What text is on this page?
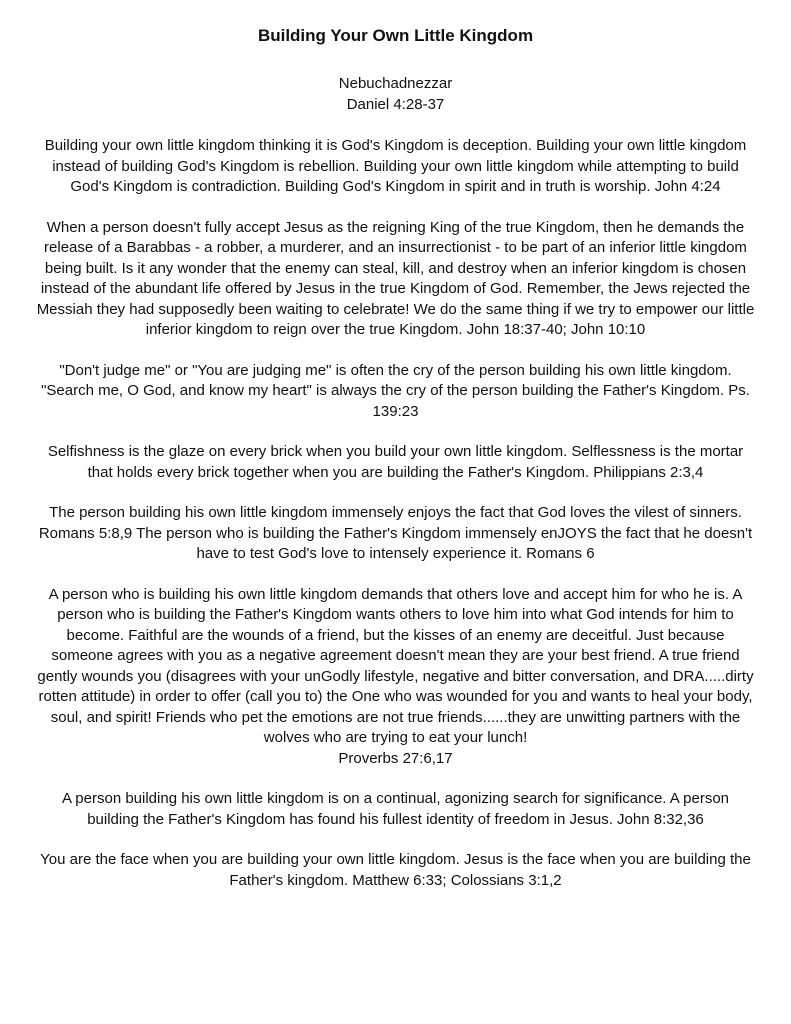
Building Your Own Little Kingdom
Nebuchadnezzar
Daniel 4:28-37

Building your own little kingdom thinking it is God's Kingdom is deception. Building your own little kingdom instead of building God's Kingdom is rebellion. Building your own little kingdom while attempting to build God's Kingdom is contradiction. Building God's Kingdom in spirit and in truth is worship. John 4:24

When a person doesn't fully accept Jesus as the reigning King of the true Kingdom, then he demands the release of a Barabbas - a robber, a murderer, and an insurrectionist - to be part of an inferior little kingdom being built. Is it any wonder that the enemy can steal, kill, and destroy when an inferior kingdom is chosen instead of the abundant life offered by Jesus in the true Kingdom of God. Remember, the Jews rejected the Messiah they had supposedly been waiting to celebrate! We do the same thing if we try to empower our little inferior kingdom to reign over the true Kingdom. John 18:37-40; John 10:10

"Don't judge me" or "You are judging me" is often the cry of the person building his own little kingdom. "Search me, O God, and know my heart" is always the cry of the person building the Father's Kingdom. Ps. 139:23

Selfishness is the glaze on every brick when you build your own little kingdom. Selflessness is the mortar that holds every brick together when you are building the Father's Kingdom. Philippians 2:3,4

The person building his own little kingdom immensely enjoys the fact that God loves the vilest of sinners. Romans 5:8,9 The person who is building the Father's Kingdom immensely enJOYS the fact that he doesn't have to test God's love to intensely experience it. Romans 6

A person who is building his own little kingdom demands that others love and accept him for who he is. A person who is building the Father's Kingdom wants others to love him into what God intends for him to become. Faithful are the wounds of a friend, but the kisses of an enemy are deceitful. Just because someone agrees with you as a negative agreement doesn't mean they are your best friend. A true friend gently wounds you (disagrees with your unGodly lifestyle, negative and bitter conversation, and DRA.....dirty rotten attitude) in order to offer (call you to) the One who was wounded for you and wants to heal your body, soul, and spirit! Friends who pet the emotions are not true friends......they are unwitting partners with the wolves who are trying to eat your lunch!
Proverbs 27:6,17

A person building his own little kingdom is on a continual, agonizing search for significance. A person building the Father's Kingdom has found his fullest identity of freedom in Jesus. John 8:32,36

You are the face when you are building your own little kingdom. Jesus is the face when you are building the Father's kingdom. Matthew 6:33; Colossians 3:1,2
